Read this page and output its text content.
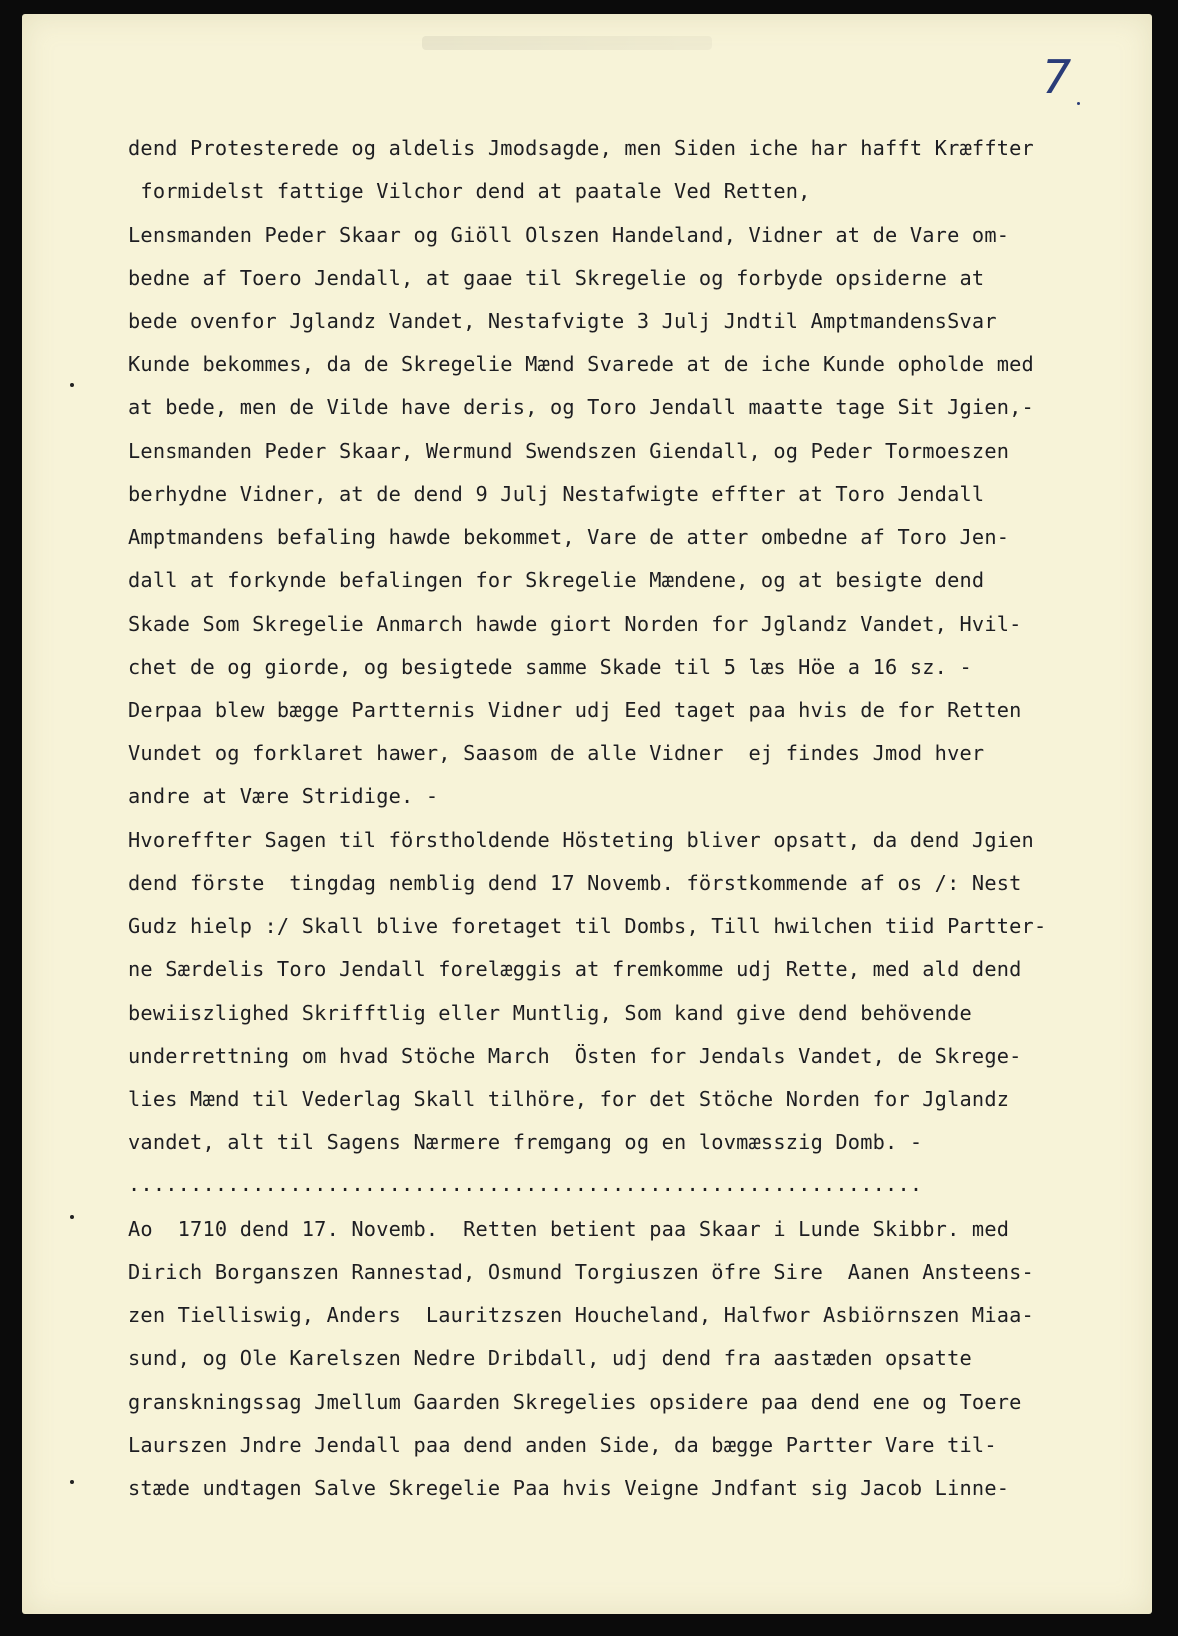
7
dend Protesterede og aldelis Jmodsagde, men Siden iche har hafft Kræffter
formidelst fattige Vilchor dend at paatale Ved Retten,
Lensmanden Peder Skaar og Giöll Olszen Handeland, Vidner at de Vare om-
bedne af Toero Jendall, at gaae til Skregelie og forbyde opsiderne at
bede ovenfor Jglandz Vandet, Nestafvigte 3 Julj Jndtil AmptmandensSvar
Kunde bekommes, da de Skregelie Mænd Svarede at de iche Kunde opholde med
at bede, men de Vilde have deris, og Toro Jendall maatte tage Sit Jgien,-
Lensmanden Peder Skaar, Wermund Swendszen Giendall, og Peder Tormoeszen
berhydne Vidner, at de dend 9 Julj Nestafwigte effter at Toro Jendall
Amptmandens befaling hawde bekommet, Vare de atter ombedne af Toro Jen-
dall at forkynde befalingen for Skregelie Mændene, og at besigte dend
Skade Som Skregelie Anmarch hawde giort Norden for Jglandz Vandet, Hvil-
chet de og giorde, og besigtede samme Skade til 5 læs Höe a 16 sz. -
Derpaa blew bægge Partternis Vidner udj Eed taget paa hvis de for Retten
Vundet og forklaret hawer, Saasom de alle Vidner  ej findes Jmod hver
andre at Være Stridige. -
Hvoreffter Sagen til förstholdende Hösteting bliver opsatt, da dend Jgien
dend förste  tingdag nemblig dend 17 Novemb. förstkommende af os /: Nest
Gudz hielp :/ Skall blive foretaget til Dombs, Till hwilchen tiid Partter-
ne Særdelis Toro Jendall forelæggis at fremkomme udj Rette, med ald dend
bewiiszlighed Skrifftlig eller Muntlig, Som kand give dend behövende
underrettning om hvad Stöche March  Östen for Jendals Vandet, de Skrege-
lies Mænd til Vederlag Skall tilhöre, for det Stöche Norden for Jglandz
vandet, alt til Sagens Nærmere fremgang og en lovmæsszig Domb. -
................................................................
Ao  1710 dend 17. Novemb.  Retten betient paa Skaar i Lunde Skibbr. med
Dirich Borganszen Rannestad, Osmund Torgiuszen öfre Sire  Aanen Ansteens-
zen Tielliswig, Anders  Lauritzszen Houcheland, Halfwor Asbiörnszen Miaa-
sund, og Ole Karelszen Nedre Dribdall, udj dend fra aastæden opsatte
granskningssag Jmellum Gaarden Skregelies opsidere paa dend ene og Toere
Laurszen Jndre Jendall paa dend anden Side, da bægge Partter Vare til-
stæde undtagen Salve Skregelie Paa hvis Veigne Jndfant sig Jacob Linne-
